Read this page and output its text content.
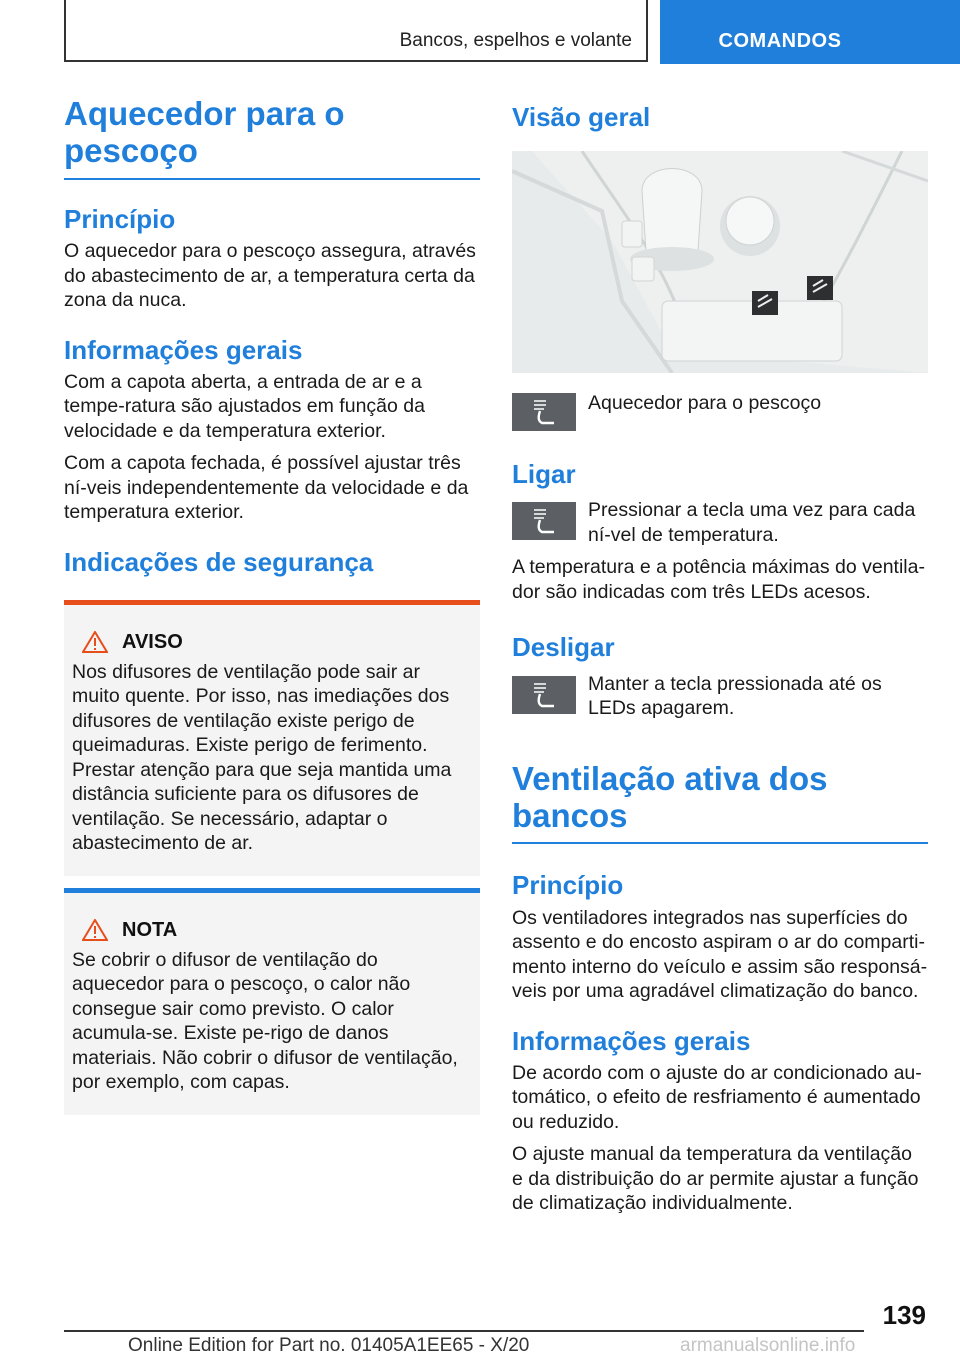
Bancos, espelhos e volante	COMANDOS
Aquecedor para o pescoço
Princípio

O aquecedor para o pescoço assegura, através do abastecimento de ar, a temperatura certa da zona da nuca.

Informações gerais

Com a capota aberta, a entrada de ar e a tempe‐ratura são ajustados em função da velocidade e da temperatura exterior.

Com a capota fechada, é possível ajustar três ní‐veis independentemente da velocidade e da temperatura exterior.

Indicações de segurança
AVISO

Nos difusores de ventilação pode sair ar muito quente. Por isso, nas imediações dos difusores de ventilação existe perigo de queimaduras. Existe perigo de ferimento. Prestar atenção para que seja mantida uma distância suficiente para os difusores de ventilação. Se necessário, adaptar o abastecimento de ar.

NOTA

Se cobrir o difusor de ventilação do aquecedor para o pescoço, o calor não consegue sair como previsto. O calor acumula-se. Existe pe‐rigo de danos materiais. Não cobrir o difusor de ventilação, por exemplo, com capas.

Visão geral
Aquecedor para o pescoço
Ligar
Pressionar a tecla uma vez para cada ní‐vel de temperatura.

A temperatura e a potência máximas do ventila‐dor são indicadas com três LEDs acesos.

Desligar
Manter a tecla pressionada até os LEDs apagarem.
Ventilação ativa dos bancos
Princípio

Os ventiladores integrados nas superfícies do assento e do encosto aspiram o ar do comparti‐mento interno do veículo e assim são responsá‐veis por uma agradável climatização do banco.

Informações gerais

De acordo com o ajuste do ar condicionado au‐tomático, o efeito de resfriamento é aumentado ou reduzido.

O ajuste manual da temperatura da ventilação e da distribuição do ar permite ajustar a função de climatização individualmente.

139
Online Edition for Part no. 01405A1EE65 - X/20	armanualsonline.info
